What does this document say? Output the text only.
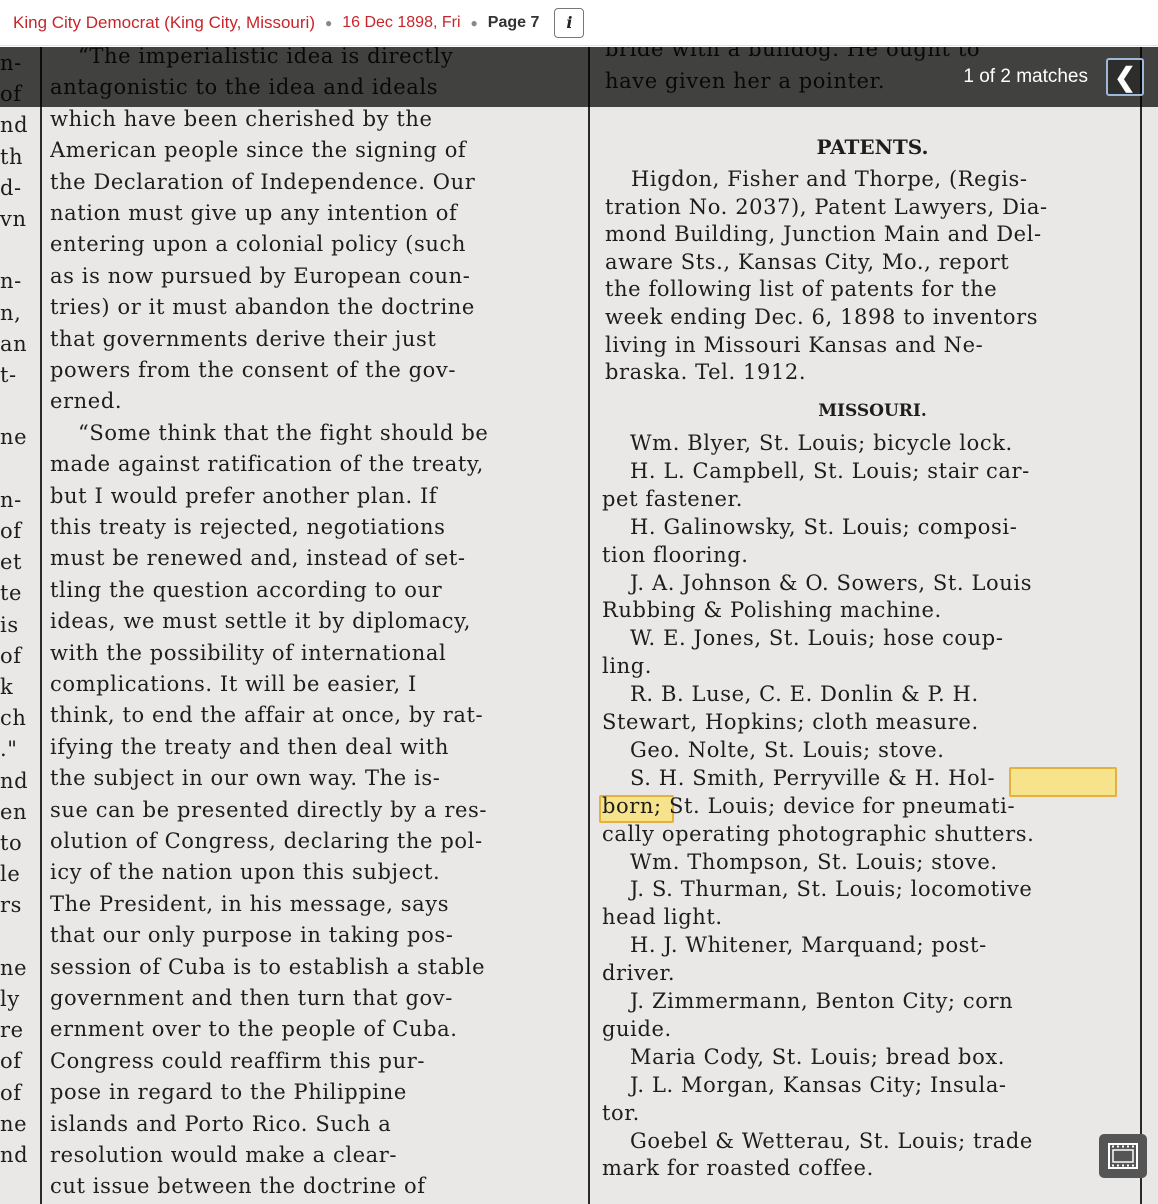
King City Democrat (King City, Missouri) ● 16 Dec 1898, Fri ● Page 7 i
nd
th
d-
vn
n-
n,
an
t-
ne
n-
of
et
te
is
of
k
ch
."
nd
en
to
le
rs
ne
ly
re
of
of
ne
nd
which have been cherished by the
American people since the signing of
the Declaration of Independence. Our
nation must give up any intention of
entering upon a colonial policy (such
as is now pursued by European coun-
tries) or it must abandon the doctrine
that governments derive their just
powers from the consent of the gov-
erned.
“Some think that the fight should be
made against ratification of the treaty,
but I would prefer another plan. If
this treaty is rejected, negotiations
must be renewed and, instead of set-
tling the question according to our
ideas, we must settle it by diplomacy,
with the possibility of international
complications. It will be easier, I
think, to end the affair at once, by rat-
ifying the treaty and then deal with
the subject in our own way. The is-
sue can be presented directly by a res-
olution of Congress, declaring the pol-
icy of the nation upon this subject.
The President, in his message, says
that our only purpose in taking pos-
session of Cuba is to establish a stable
government and then turn that gov-
ernment over to the people of Cuba.
Congress could reaffirm this pur-
pose in regard to the Philippine
islands and Porto Rico. Such a
resolution would make a clear-
cut issue between the doctrine of
PATENTS.
Higdon, Fisher and Thorpe, (Regis-
tration No. 2037), Patent Lawyers, Dia-
mond Building, Junction Main and Del-
aware Sts., Kansas City, Mo., report
the following list of patents for the
week ending Dec. 6, 1898 to inventors
living in Missouri Kansas and Ne-
braska. Tel. 1912.
MISSOURI.
Wm. Blyer, St. Louis; bicycle lock.
H. L. Campbell, St. Louis; stair car-
pet fastener.
H. Galinowsky, St. Louis; composi-
tion flooring.
J. A. Johnson & O. Sowers, St. Louis
Rubbing & Polishing machine.
W. E. Jones, St. Louis; hose coup-
ling.
R. B. Luse, C. E. Donlin & P. H.
Stewart, Hopkins; cloth measure.
Geo. Nolte, St. Louis; stove.
S. H. Smith, Perryville & H. Hol-
born; St. Louis; device for pneumati-
cally operating photographic shutters.
Wm. Thompson, St. Louis; stove.
J. S. Thurman, St. Louis; locomotive
head light.
H. J. Whitener, Marquand; post-
driver.
J. Zimmermann, Benton City; corn
guide.
Maria Cody, St. Louis; bread box.
J. L. Morgan, Kansas City; Insula-
tor.
Goebel & Wetterau, St. Louis; trade
mark for roasted coffee.
1 of 2 matches ❮
